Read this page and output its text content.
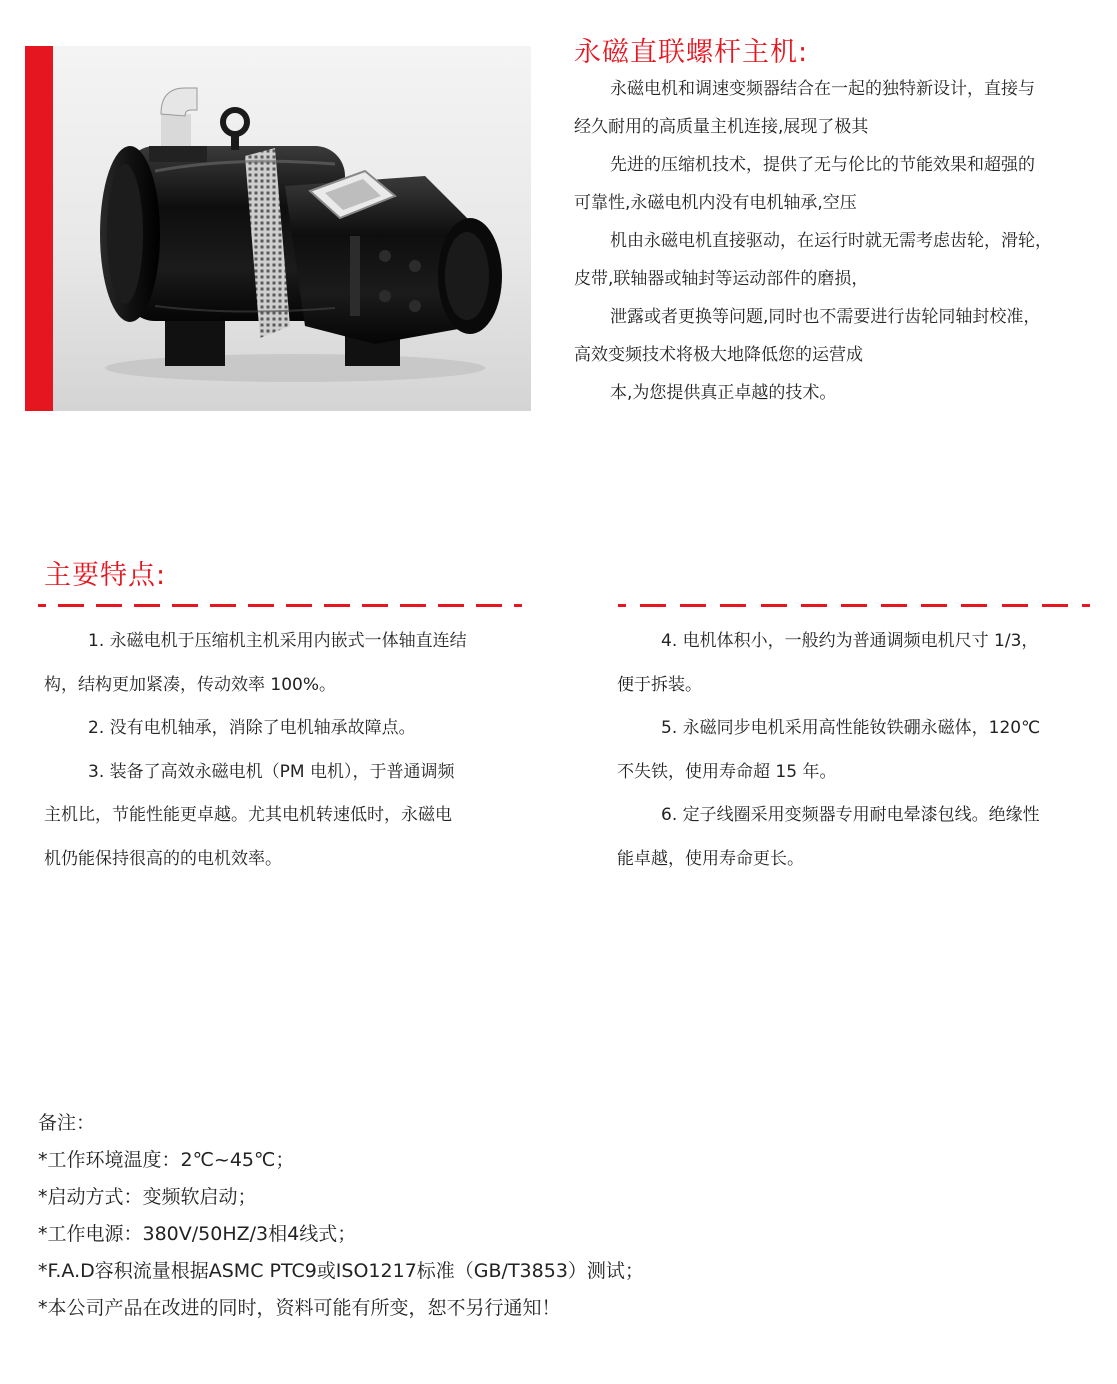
永磁直联螺杆主机:
永磁电机和调速变频器结合在一起的独特新设计，直接与
经久耐用的高质量主机连接,展现了极其
先进的压缩机技术，提供了无与伦比的节能效果和超强的
可靠性,永磁电机内没有电机轴承,空压
机由永磁电机直接驱动，在运行时就无需考虑齿轮，滑轮，
皮带,联轴器或轴封等运动部件的磨损，
泄露或者更换等问题,同时也不需要进行齿轮同轴封校准，
高效变频技术将极大地降低您的运营成
本,为您提供真正卓越的技术。
主要特点:
1. 永磁电机于压缩机主机采用内嵌式一体轴直连结
构，结构更加紧凑，传动效率 100%。
2. 没有电机轴承，消除了电机轴承故障点。
3. 装备了高效永磁电机（PM 电机），于普通调频
主机比，节能性能更卓越。尤其电机转速低时，永磁电
机仍能保持很高的的电机效率。
4. 电机体积小，一般约为普通调频电机尺寸 1/3，
便于拆装。
5. 永磁同步电机采用高性能钕铁硼永磁体，120℃
不失铁，使用寿命超 15 年。
6. 定子线圈采用变频器专用耐电晕漆包线。绝缘性
能卓越，使用寿命更长。
备注：
*工作环境温度：2℃~45℃；
*启动方式：变频软启动；
*工作电源：380V/50HZ/3相4线式；
*F.A.D容积流量根据ASMC PTC9或ISO1217标准（GB/T3853）测试；
*本公司产品在改进的同时，资料可能有所变，恕不另行通知！
